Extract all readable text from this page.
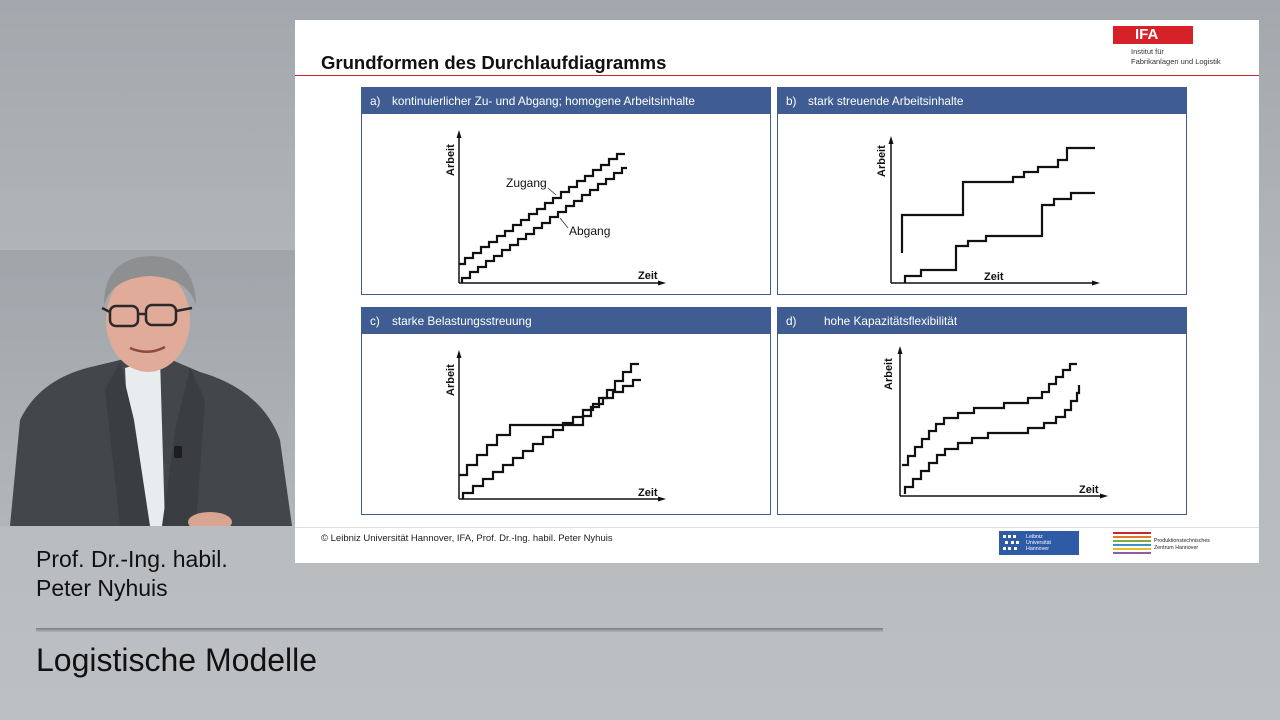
Grundformen des Durchlaufdiagramms
IFA
Institut für
Fabrikanlagen und Logistik
a) kontinuierlicher Zu- und Abgang; homogene Arbeitsinhalte
Arbeit
Zeit
Zugang
Abgang
b) stark streuende Arbeitsinhalte
Arbeit
Zeit
c) starke Belastungsstreuung
Arbeit
Zeit
d) hohe Kapazitätsflexibilität
Arbeit
Zeit
© Leibniz Universität Hannover, IFA, Prof. Dr.-Ing. habil. Peter Nyhuis	Leibniz
Universität
Hannover
Produktionstechnisches
Zentrum Hannover
Prof. Dr.-Ing. habil.
Peter Nyhuis
Logistische Modelle
